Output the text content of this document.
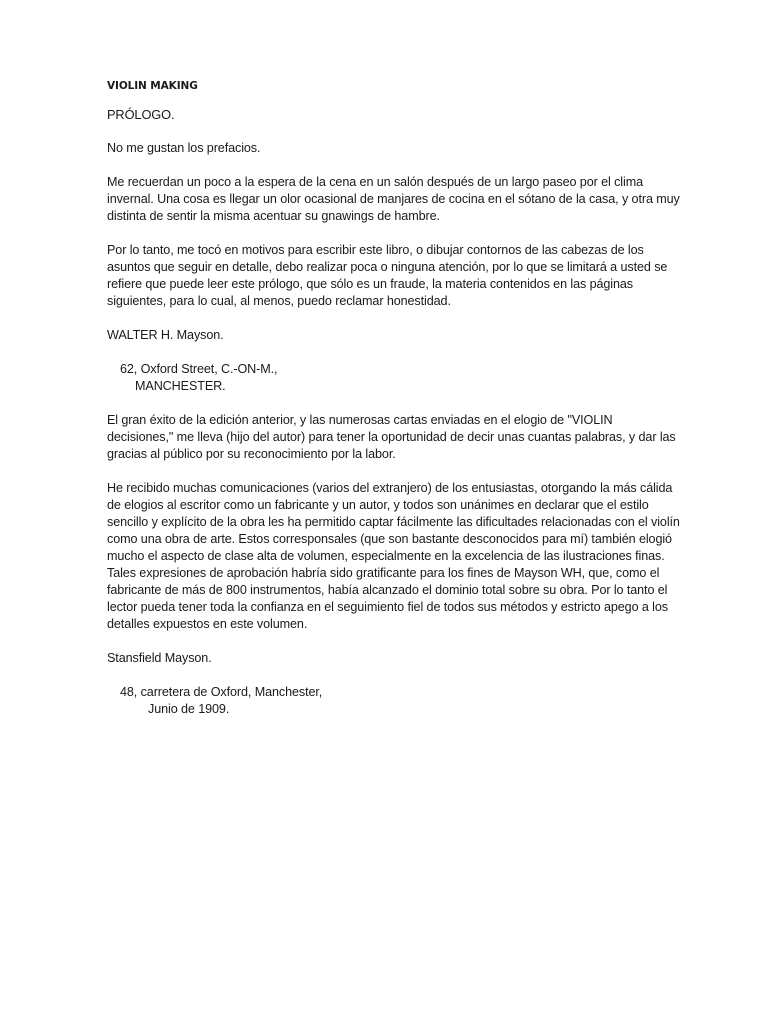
VIOLIN MAKING
PRÓLOGO.

No me gustan los prefacios.

Me recuerdan un poco a la espera de la cena en un salón después de un largo paseo por el clima invernal. Una cosa es llegar un olor ocasional de manjares de cocina en el sótano de la casa, y otra muy distinta de sentir la misma acentuar su gnawings de hambre.

Por lo tanto, me tocó en motivos para escribir este libro, o dibujar contornos de las cabezas de los asuntos que seguir en detalle, debo realizar poca o ninguna atención, por lo que se limitará a usted se refiere que puede leer este prólogo, que sólo es un fraude, la materia contenidos en las páginas siguientes, para lo cual, al menos, puedo reclamar honestidad.

WALTER H. Mayson.
62, Oxford Street, C.-ON-M.,
MANCHESTER.

El gran éxito de la edición anterior, y las numerosas cartas enviadas en el elogio de "VIOLIN decisiones," me lleva (hijo del autor) para tener la oportunidad de decir unas cuantas palabras, y dar las gracias al público por su reconocimiento por la labor.

He recibido muchas comunicaciones (varios del extranjero) de los entusiastas, otorgando la más cálida de elogios al escritor como un fabricante y un autor, y todos son unánimes en declarar que el estilo sencillo y explícito de la obra les ha permitido captar fácilmente las dificultades relacionadas con el violín como una obra de arte. Estos corresponsales (que son bastante desconocidos para mí) también elogió mucho el aspecto de clase alta de volumen, especialmente en la excelencia de las ilustraciones finas. Tales expresiones de aprobación habría sido gratificante para los fines de Mayson WH, que, como el fabricante de más de 800 instrumentos, había alcanzado el dominio total sobre su obra. Por lo tanto el lector pueda tener toda la confianza en el seguimiento fiel de todos sus métodos y estricto apego a los detalles expuestos en este volumen.

Stansfield Mayson.
48, carretera de Oxford, Manchester,
Junio de 1909.
